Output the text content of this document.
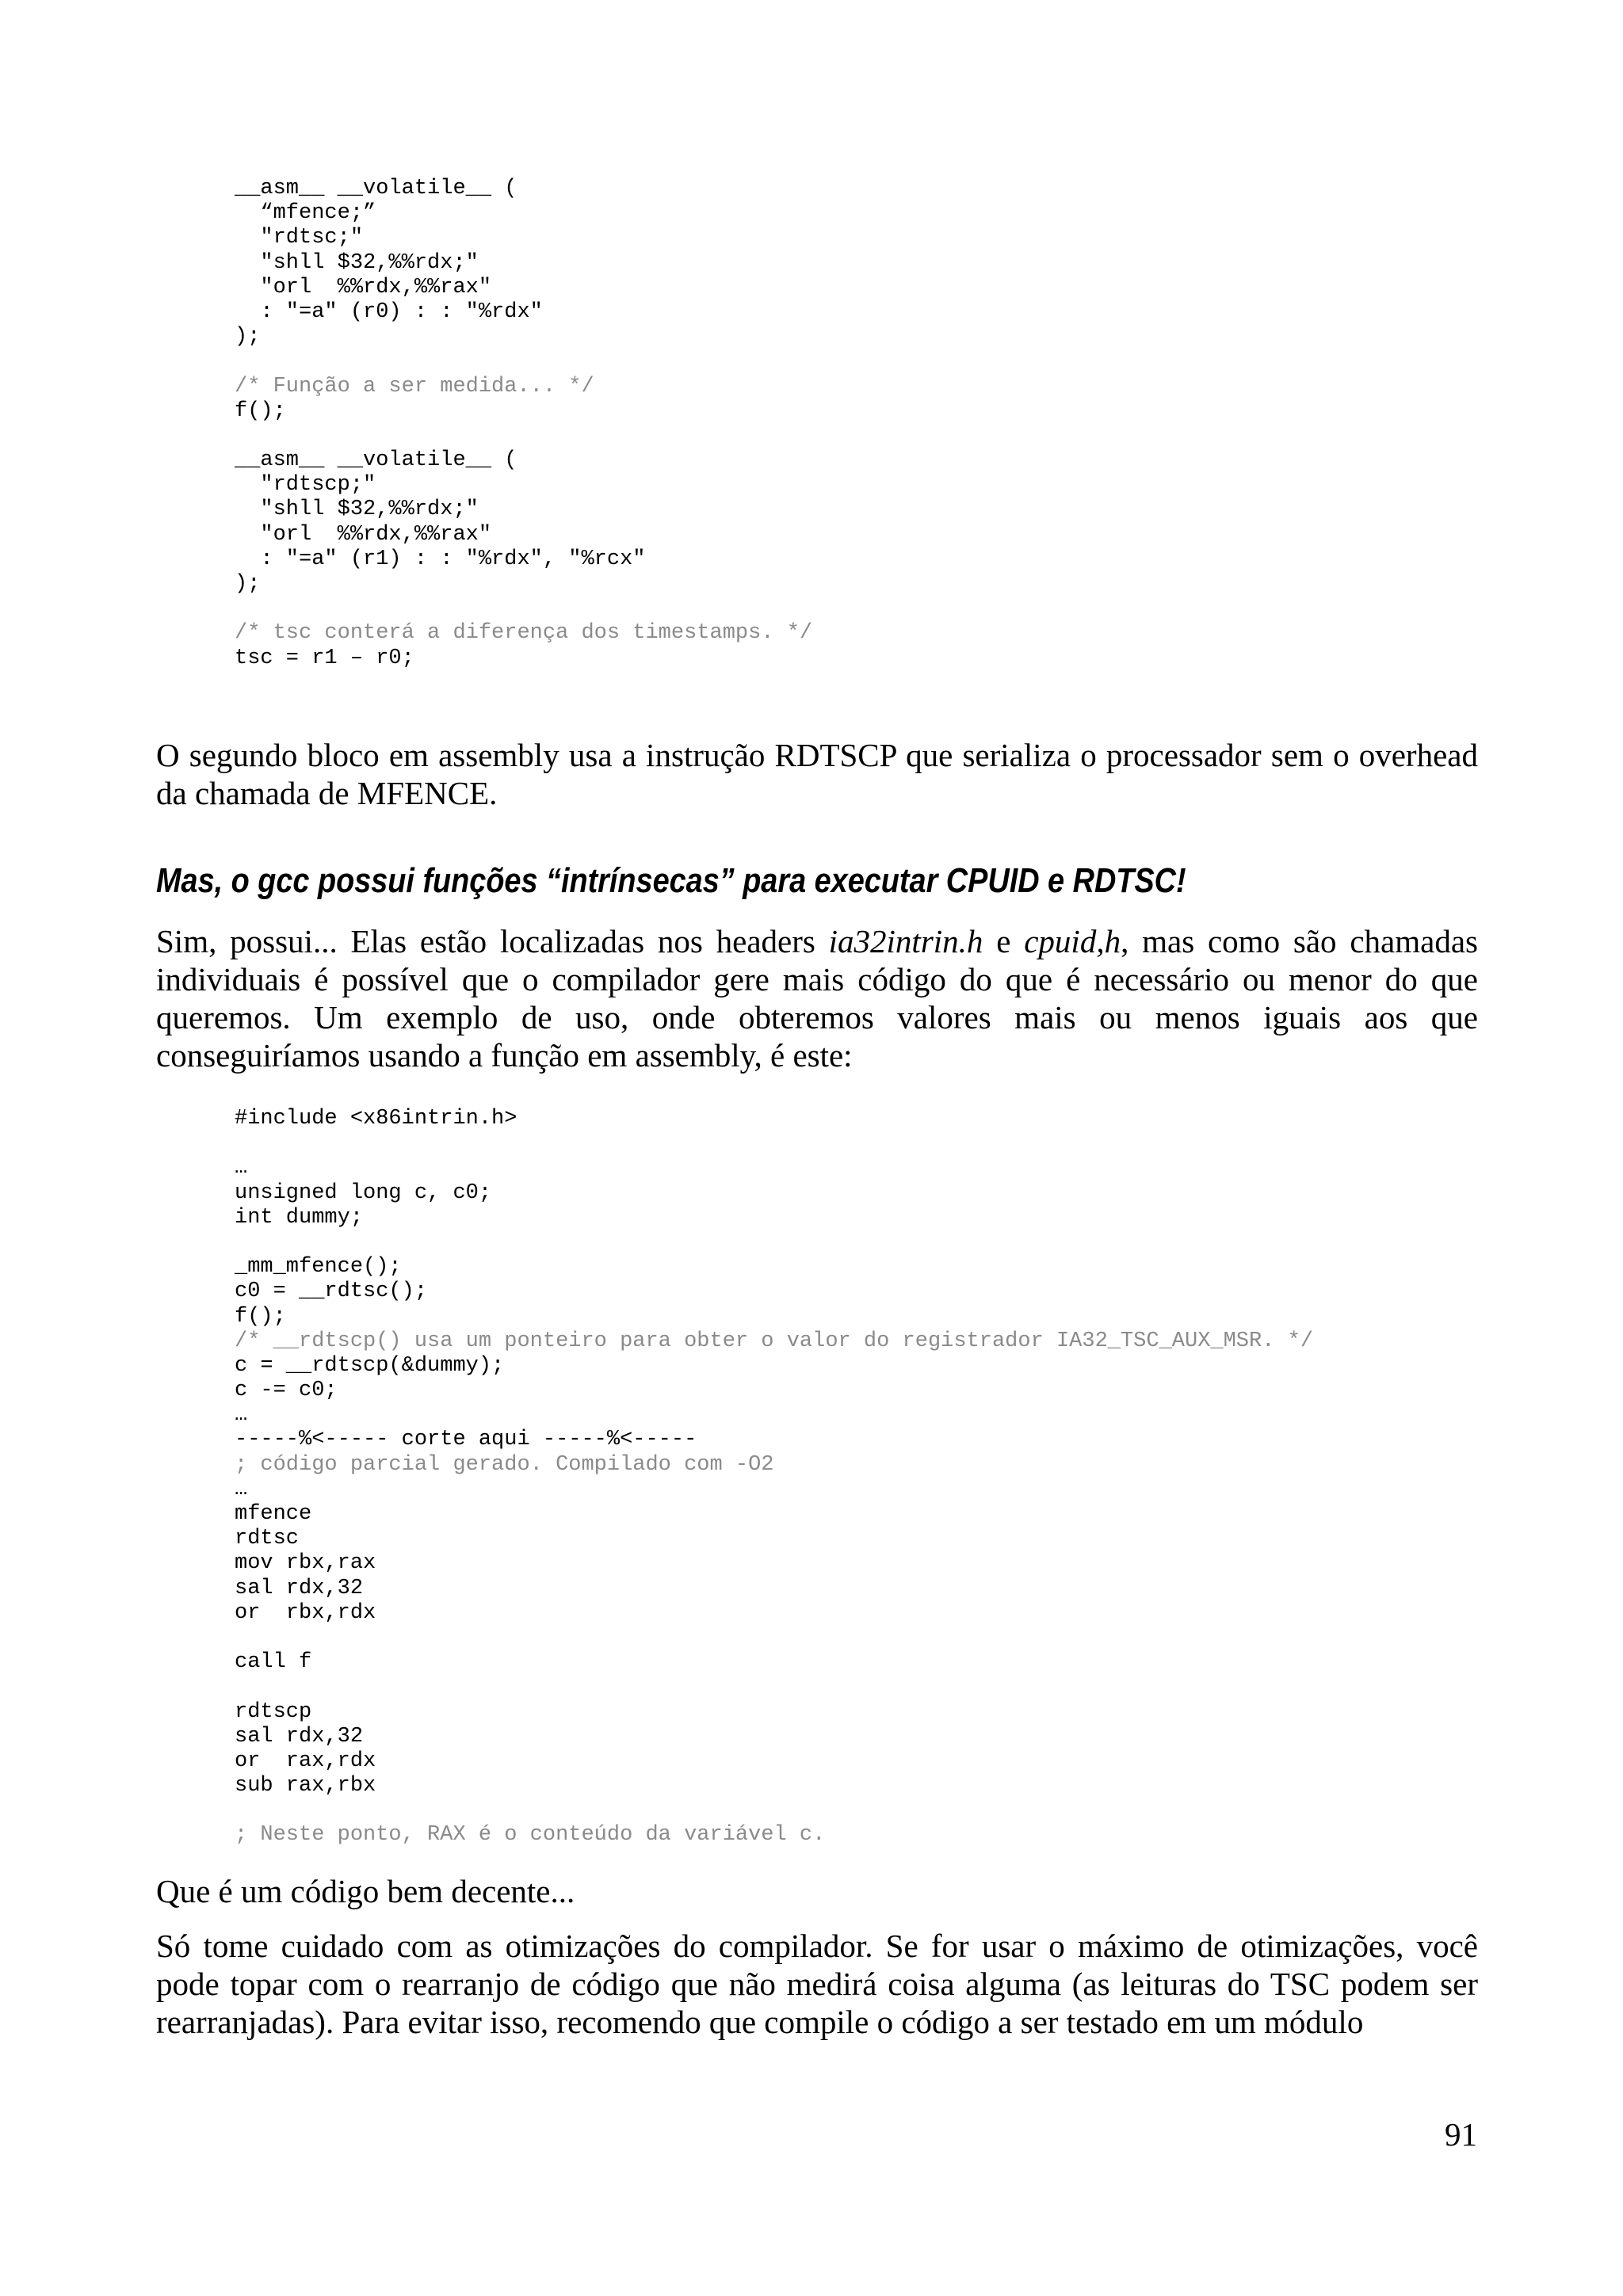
__asm__ __volatile__ (
“mfence;”
"rdtsc;"
"shll $32,%%rdx;"
"orl  %%rdx,%%rax"
: "=a" (r0) : : "%rdx"
);
/* Função a ser medida... */
f();
__asm__ __volatile__ (
"rdtscp;"
"shll $32,%%rdx;"
"orl  %%rdx,%%rax"
: "=a" (r1) : : "%rdx", "%rcx"
);
/* tsc conterá a diferença dos timestamps. */
tsc = r1 – r0;

O segundo bloco em assembly usa a instrução RDTSCP que serializa o processador sem o overhead da chamada de MFENCE.

Mas, o gcc possui funções “intrínsecas” para executar CPUID e RDTSC!

Sim, possui... Elas estão localizadas nos headers ia32intrin.h e cpuid,h, mas como são chamadas individuais é possível que o compilador gere mais código do que é necessário ou menor do que queremos. Um exemplo de uso, onde obteremos valores mais ou menos iguais aos que conseguiríamos usando a função em assembly, é este:

#include <x86intrin.h>
…
unsigned long c, c0;
int dummy;
_mm_mfence();
c0 = __rdtsc();
f();
/* __rdtscp() usa um ponteiro para obter o valor do registrador IA32_TSC_AUX_MSR. */
c = __rdtscp(&dummy);
c -= c0;
…
-----%<----- corte aqui -----%<-----
; código parcial gerado. Compilado com -O2
…
mfence
rdtsc
mov rbx,rax
sal rdx,32
or  rbx,rdx
call f
rdtscp
sal rdx,32
or  rax,rdx
sub rax,rbx
; Neste ponto, RAX é o conteúdo da variável c.

Que é um código bem decente...

Só tome cuidado com as otimizações do compilador. Se for usar o máximo de otimizações, você pode topar com o rearranjo de código que não medirá coisa alguma (as leituras do TSC podem ser rearranjadas). Para evitar isso, recomendo que compile o código a ser testado em um módulo

91
